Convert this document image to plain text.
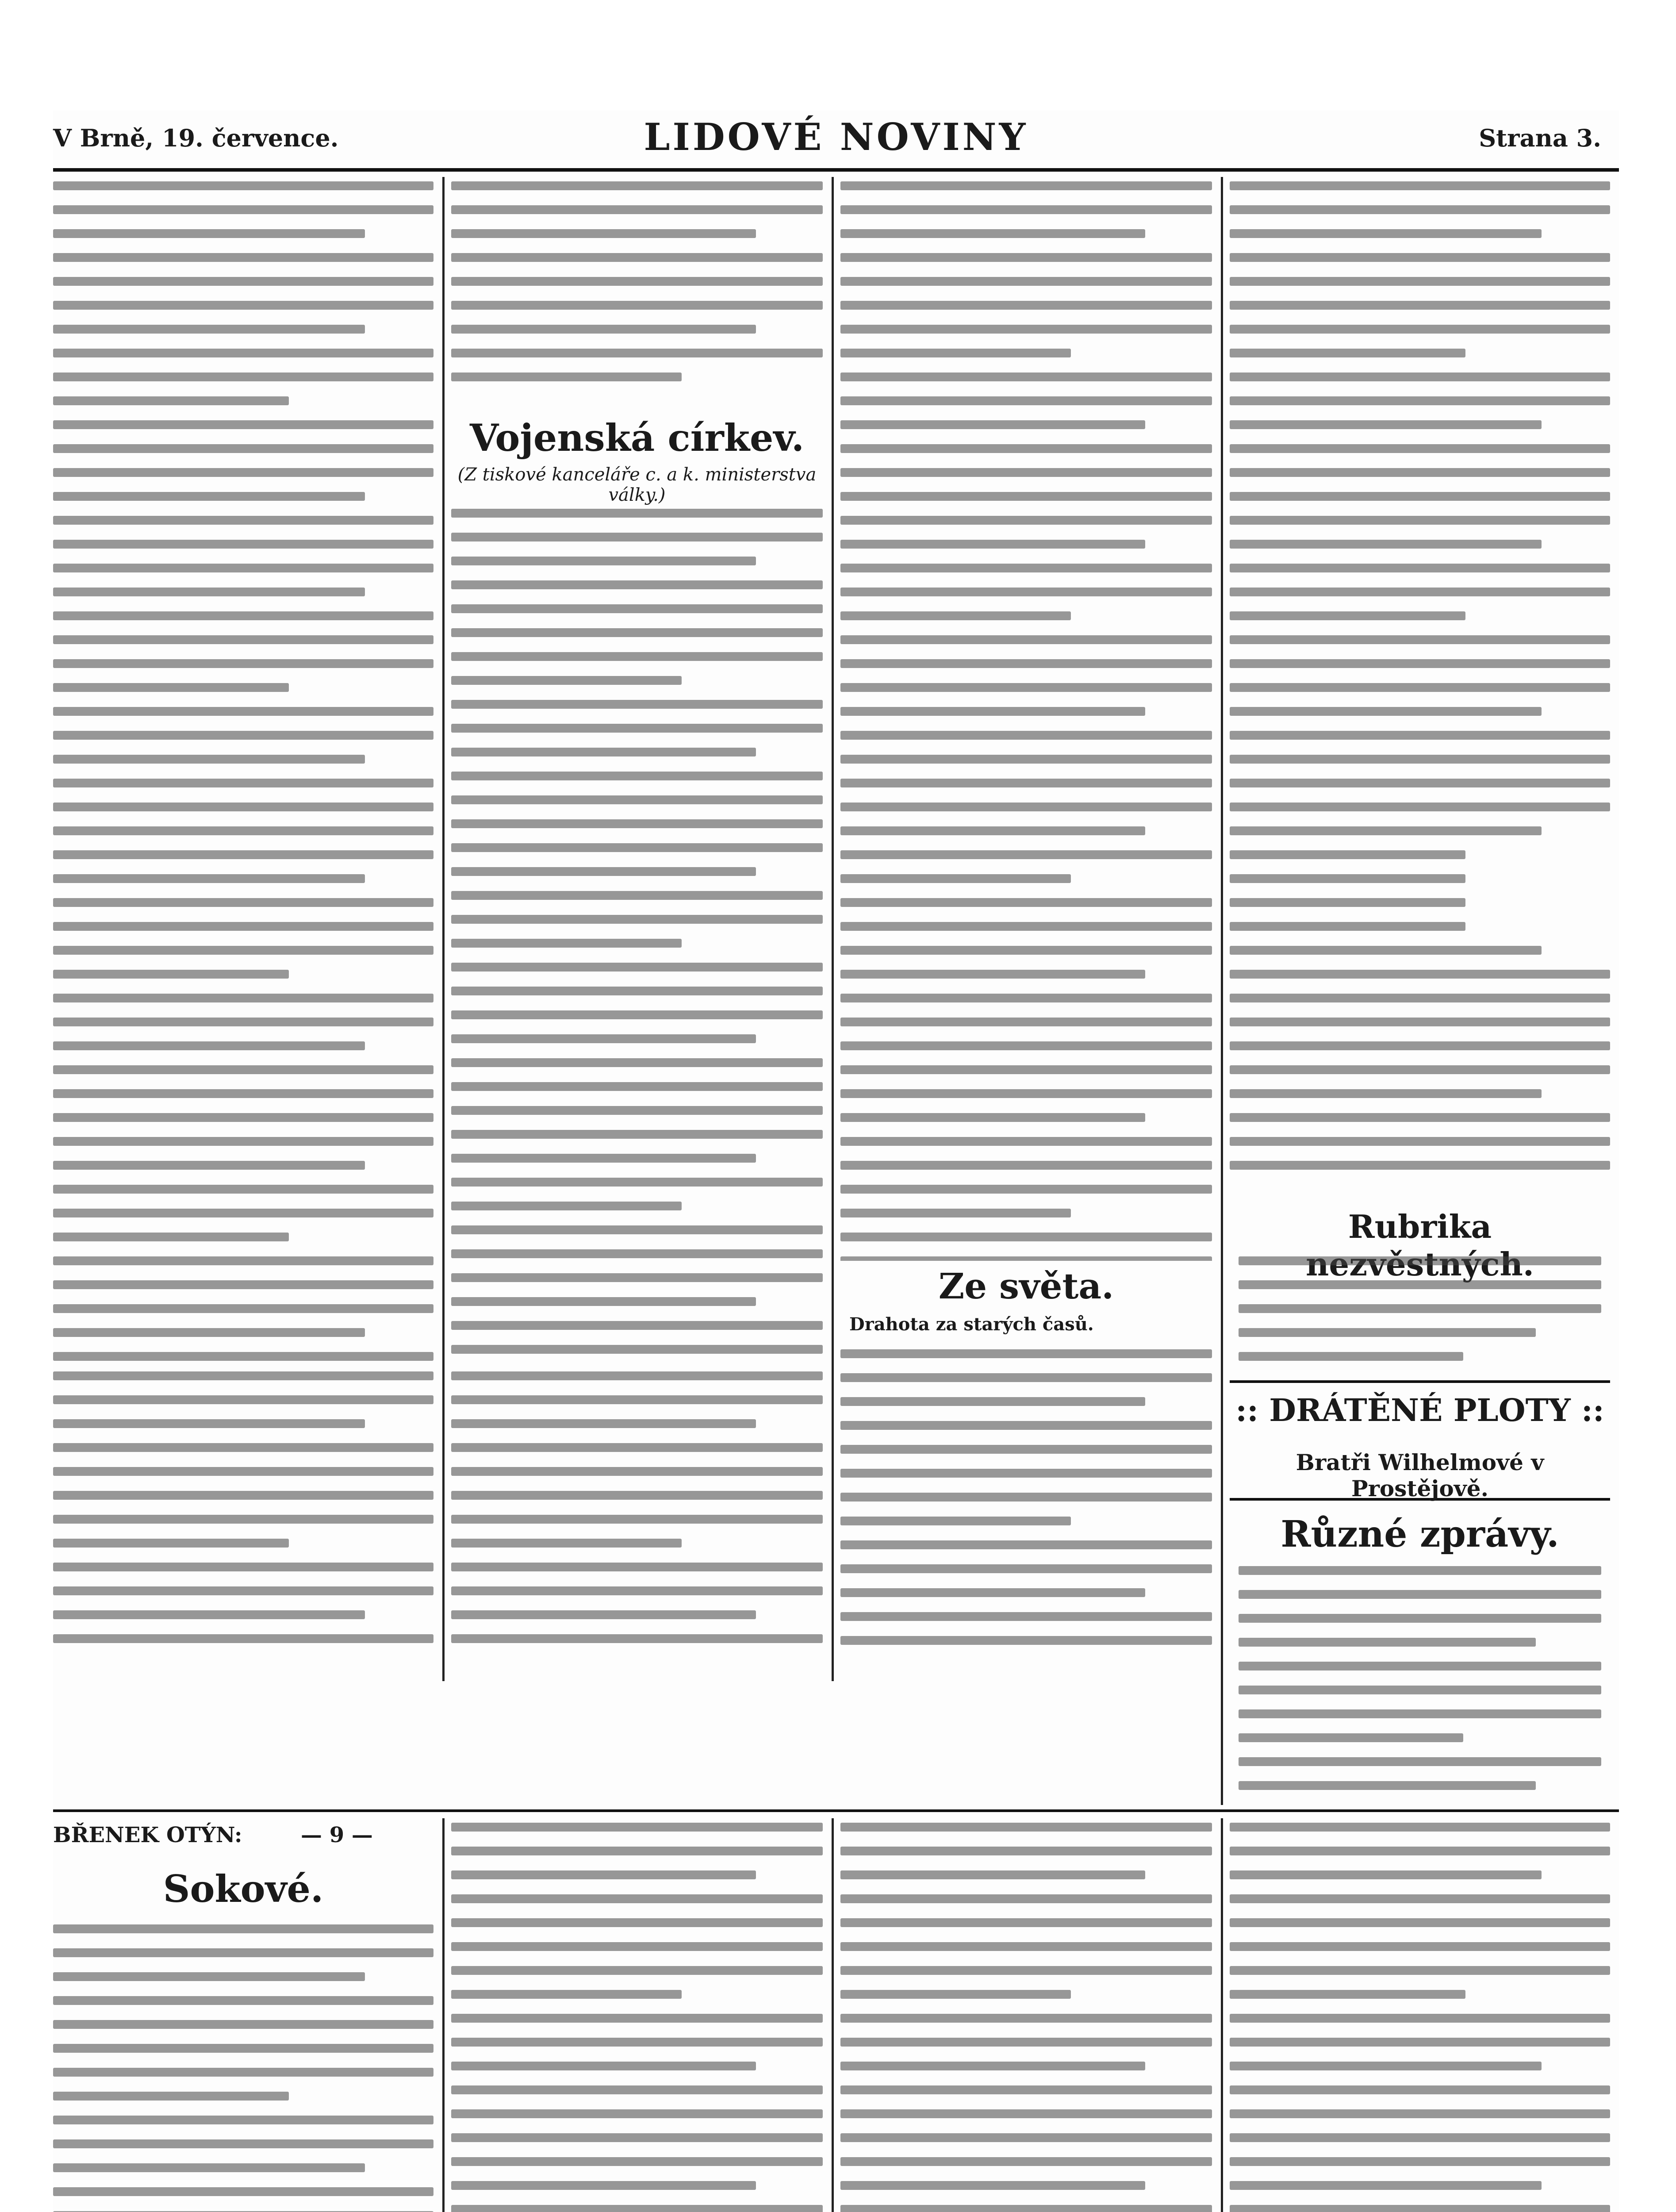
V Brně, 19. července.	LIDOVÉ NOVINY	Strana 3.
Vojenská církev.
(Z tiskové kanceláře c. a k. ministerstva války.)
Ze světa.
Drahota za starých časů.
Rubrika
:: DRÁTĚNÉ PLOTY ::
Bratři Wilhelmové v Prostějově.
Různé zprávy.
BŘENEK OTÝN:	— 9 —
Sokové.
